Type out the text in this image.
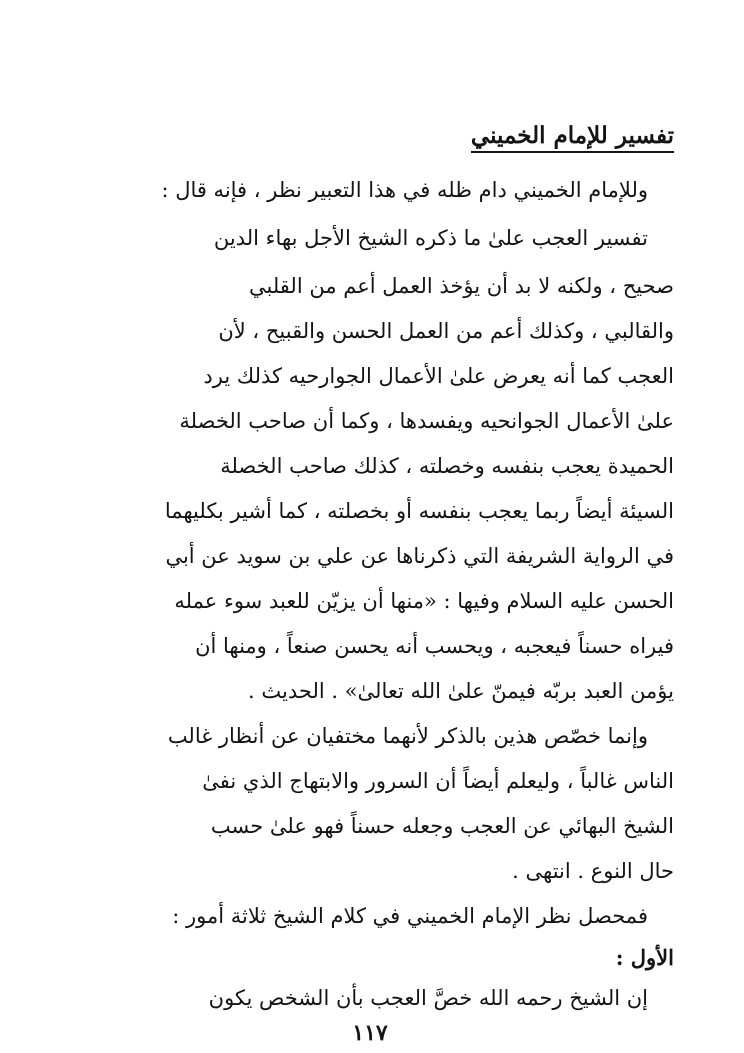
تفسير للإمام الخميني
وللإمام الخميني دام ظله في هذا التعبير نظر ، فإنه قال :
تفسير العجب علىٰ ما ذكره الشيخ الأجل بهاء الدين
صحيح ، ولكنه لا بد أن يؤخذ العمل أعم من القلبي
والقالبي ، وكذلك أعم من العمل الحسن والقبيح ، لأن
العجب كما أنه يعرض علىٰ الأعمال الجوارحيه كذلك يرد
علىٰ الأعمال الجوانحيه ويفسدها ، وكما أن صاحب الخصلة
الحميدة يعجب بنفسه وخصلته ، كذلك صاحب الخصلة
السيئة أيضاً ربما يعجب بنفسه أو بخصلته ، كما أشير بكليهما
في الرواية الشريفة التي ذكرناها عن علي بن سويد عن أبي
الحسن عليه السلام وفيها : «منها أن يزيّن للعبد سوء عمله
فيراه حسناً فيعجبه ، ويحسب أنه يحسن صنعاً ، ومنها أن
يؤمن العبد بربّه فيمنّ علىٰ الله تعالىٰ» . الحديث .
وإنما خصّص هذين بالذكر لأنهما مختفيان عن أنظار غالب
الناس غالباً ، وليعلم أيضاً أن السرور والابتهاج الذي نفىٰ
الشيخ البهائي عن العجب وجعله حسناً فهو علىٰ حسب
حال النوع . انتهى .
فمحصل نظر الإمام الخميني في كلام الشيخ ثلاثة أمور :
الأول :
إن الشيخ رحمه الله خصَّ العجب بأن الشخص يكون
١١٧
